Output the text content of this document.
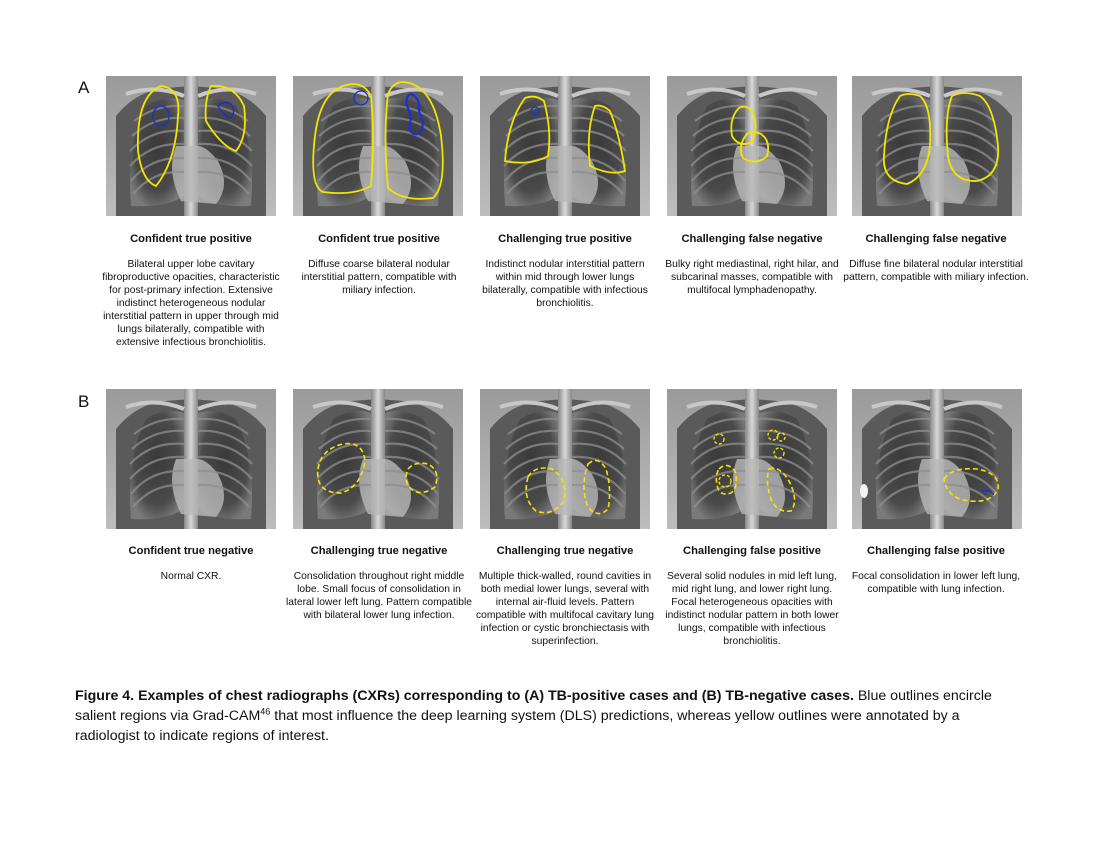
A

Confident true positive

Bilateral upper lobe cavitary fibroproductive opacities, characteristic for post-primary infection. Extensive indistinct heterogeneous nodular interstitial pattern in upper through mid lungs bilaterally, compatible with extensive infectious bronchiolitis.

Confident true positive

Diffuse coarse bilateral nodular interstitial pattern, compatible with miliary infection.

Challenging true positive

Indistinct nodular interstitial pattern within mid through lower lungs bilaterally, compatible with infectious bronchiolitis.

Challenging false negative

Bulky right mediastinal, right hilar, and subcarinal masses, compatible with multifocal lymphadenopathy.

Challenging false negative

Diffuse fine bilateral nodular interstitial pattern, compatible with miliary infection.

B

Confident true negative

Normal CXR.

Challenging true negative

Consolidation throughout right middle lobe. Small focus of consolidation in lateral lower left lung. Pattern compatible with bilateral lower lung infection.

Challenging true negative

Multiple thick-walled, round cavities in both medial lower lungs, several with internal air-fluid levels. Pattern compatible with multifocal cavitary lung infection or cystic bronchiectasis with superinfection.

Challenging false positive

Several solid nodules in mid left lung, mid right lung, and lower right lung. Focal heterogeneous opacities with indistinct nodular pattern in both lower lungs, compatible with infectious bronchiolitis.

Challenging false positive

Focal consolidation in lower left lung, compatible with lung infection.

Figure 4. Examples of chest radiographs (CXRs) corresponding to (A) TB-positive cases and (B) TB-negative cases. Blue outlines encircle salient regions via Grad-CAM$^{46}$ that most influence the deep learning system (DLS) predictions, whereas yellow outlines were annotated by a radiologist to indicate regions of interest.
